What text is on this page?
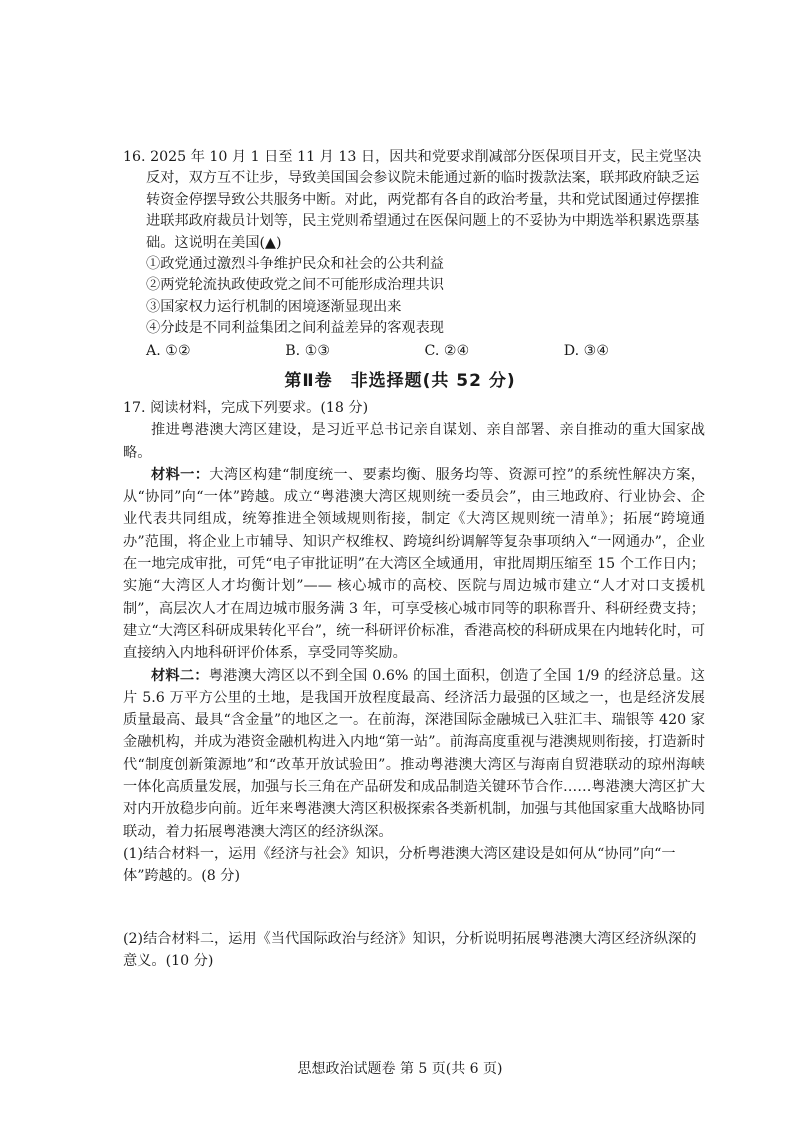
16. 2025 年 10 月 1 日至 11 月 13 日，因共和党要求削减部分医保项目开支，民主党坚决反对，双方互不让步，导致美国国会参议院未能通过新的临时拨款法案，联邦政府缺乏运转资金停摆导致公共服务中断。对此，两党都有各自的政治考量，共和党试图通过停摆推进联邦政府裁员计划等，民主党则希望通过在医保问题上的不妥协为中期选举积累选票基础。这说明在美国(▲)

①政党通过激烈斗争维护民众和社会的公共利益
②两党轮流执政使政党之间不可能形成治理共识
③国家权力运行机制的困境逐渐显现出来
④分歧是不同利益集团之间利益差异的客观表现
A. ①②	B. ①③	C. ②④	D. ③④
第Ⅱ卷　非选择题(共 52 分)

17. 阅读材料，完成下列要求。(18 分)

推进粤港澳大湾区建设，是习近平总书记亲自谋划、亲自部署、亲自推动的重大国家战略。

材料一：大湾区构建“制度统一、要素均衡、服务均等、资源可控”的系统性解决方案，从“协同”向“一体”跨越。成立“粤港澳大湾区规则统一委员会”，由三地政府、行业协会、企业代表共同组成，统筹推进全领域规则衔接，制定《大湾区规则统一清单》；拓展“跨境通办”范围，将企业上市辅导、知识产权维权、跨境纠纷调解等复杂事项纳入“一网通办”，企业在一地完成审批，可凭“电子审批证明”在大湾区全域通用，审批周期压缩至 15 个工作日内；实施“大湾区人才均衡计划”—— 核心城市的高校、医院与周边城市建立“人才对口支援机制”，高层次人才在周边城市服务满 3 年，可享受核心城市同等的职称晋升、科研经费支持；建立“大湾区科研成果转化平台”，统一科研评价标准，香港高校的科研成果在内地转化时，可直接纳入内地科研评价体系，享受同等奖励。

材料二：粤港澳大湾区以不到全国 0.6% 的国土面积，创造了全国 1/9 的经济总量。这片 5.6 万平方公里的土地，是我国开放程度最高、经济活力最强的区域之一，也是经济发展质量最高、最具“含金量”的地区之一。在前海，深港国际金融城已入驻汇丰、瑞银等 420 家金融机构，并成为港资金融机构进入内地“第一站”。前海高度重视与港澳规则衔接，打造新时代“制度创新策源地”和“改革开放试验田”。推动粤港澳大湾区与海南自贸港联动的琼州海峡一体化高质量发展，加强与长三角在产品研发和成品制造关键环节合作……粤港澳大湾区扩大对内开放稳步向前。近年来粤港澳大湾区积极探索各类新机制，加强与其他国家重大战略协同联动，着力拓展粤港澳大湾区的经济纵深。

(1)结合材料一，运用《经济与社会》知识，分析粤港澳大湾区建设是如何从“协同”向“一体”跨越的。(8 分)

(2)结合材料二，运用《当代国际政治与经济》知识，分析说明拓展粤港澳大湾区经济纵深的意义。(10 分)

思想政治试题卷 第 5 页(共 6 页)
